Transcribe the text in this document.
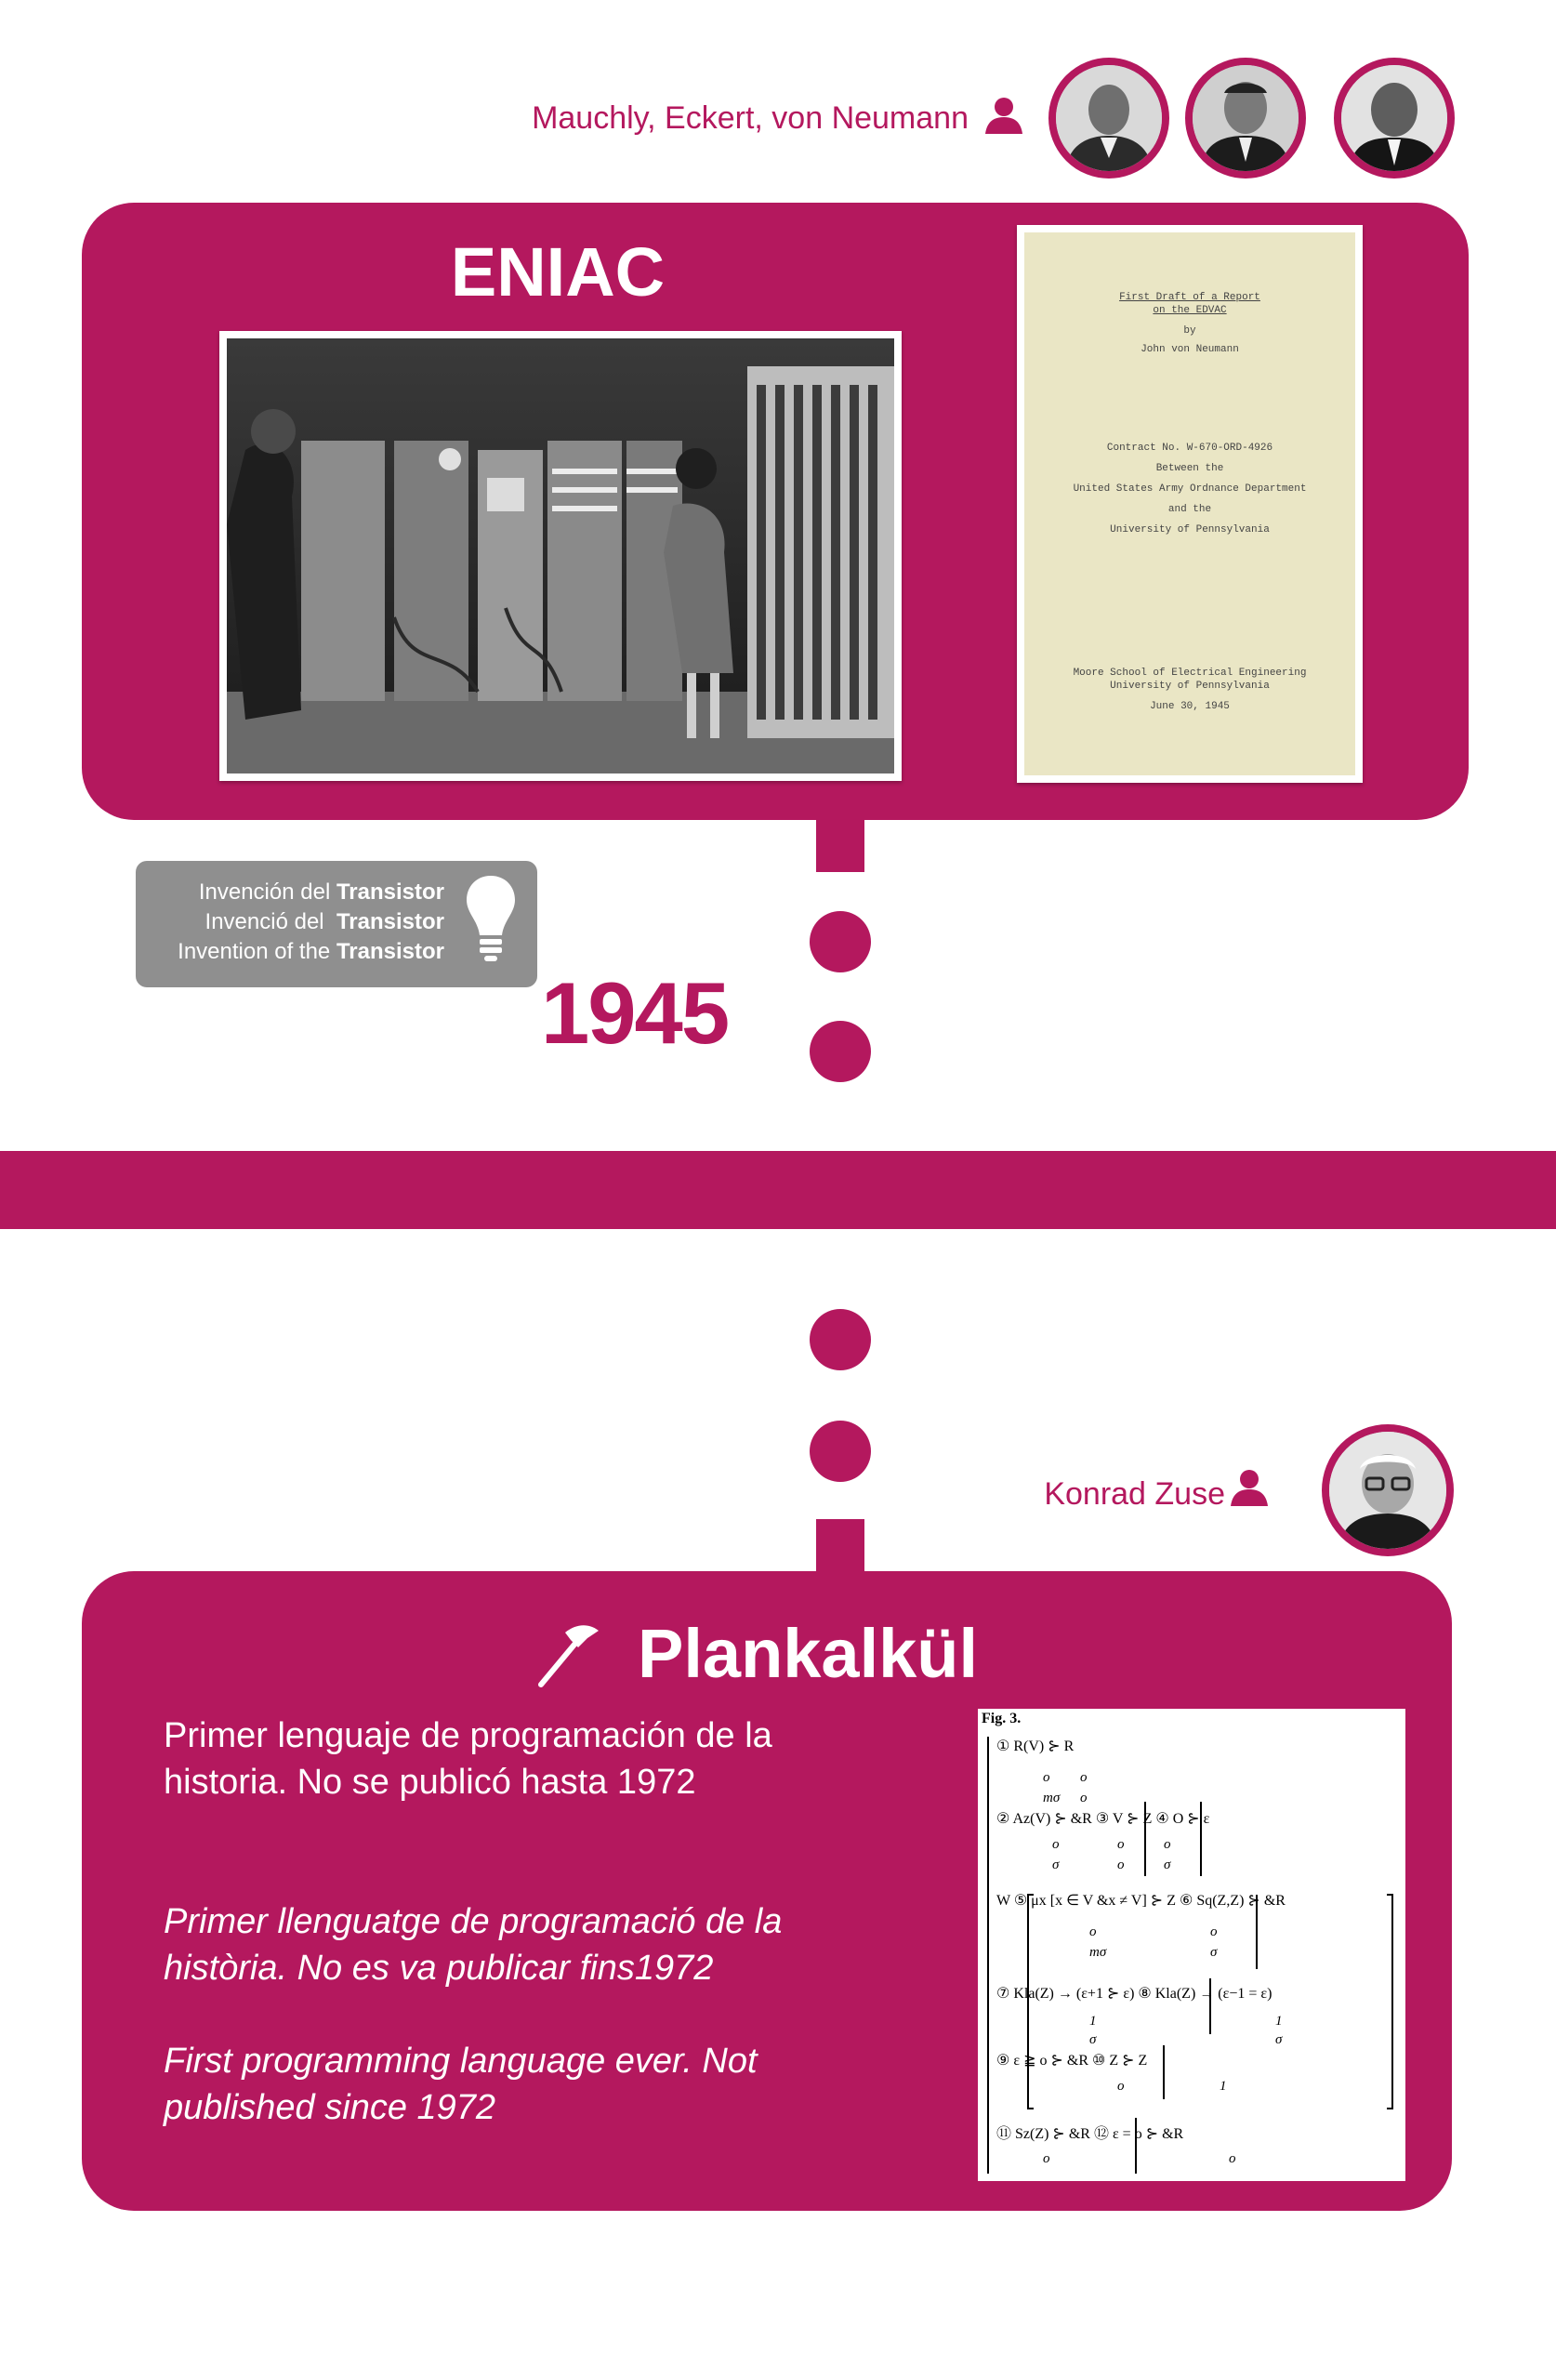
Mauchly, Eckert, von Neumann
ENIAC	First Draft of a Report
on the EDVAC
by
John von Neumann
Contract No. W-670-ORD-4926
Between the
United States Army Ordnance Department
and the
University of Pennsylvania
Moore School of Electrical Engineering
University of Pennsylvania
June 30, 1945
Invención del Transistor
Invenció del  Transistor
Invention of the Transistor
1945
Konrad Zuse
Plankalkül
Primer lenguaje de programación de la historia. No se publicó hasta 1972
Primer llenguatge de programació de la història. No es va publicar fins1972
First programming language ever. Not published since 1972
Fig. 3.
① R(V) ⊱ R
② Az(V) ⊱ &R ③ V ⊱ Z ④ O ⊱ ε
W ⑤ μx [x ∈ V &x ≠ V] ⊱ Z ⑥ Sq(Z,Z) ⊱ &R
⑦ Kla(Z) → (ε+1 ⊱ ε) ⑧ Kla(Z) → (ε−1 = ε)
⑨ ε ≧ o ⊱ &R ⑩ Z ⊱ Z
⑪ Sz(Z) ⊱ &R ⑫ ε = o ⊱ &R
o o
mσ o
o	o	o
σ	o	σ
o	o
mσ	σ
1	1
σ	σ
o	1
o	o
